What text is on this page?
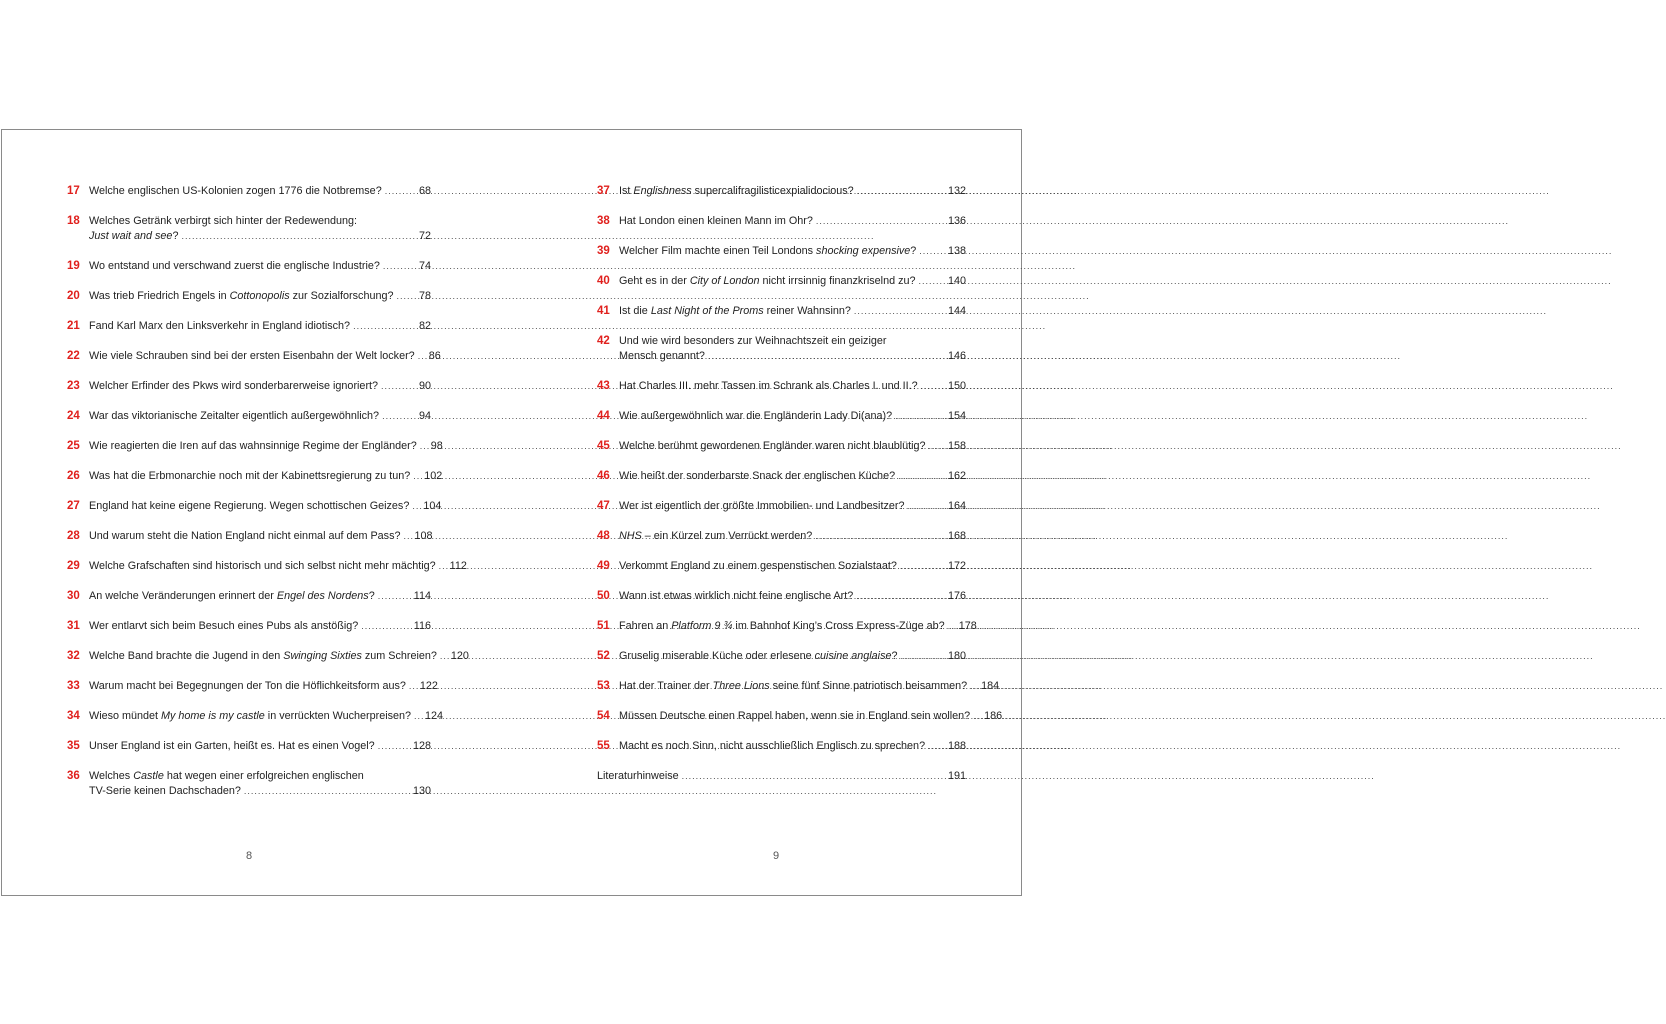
17 Welche englischen US-Kolonien zogen 1776 die Notbremse? .....	68
18 Welches Getränk verbirgt sich hinter der Redewendung:
Just wait and see? .....	72
19 Wo entstand und verschwand zuerst die englische Industrie? .....	74
20 Was trieb Friedrich Engels in Cottonopolis zur Sozialforschung? ..... 78
21 Fand Karl Marx den Linksverkehr in England idiotisch? .....	82
22 Wie viele Schrauben sind bei der ersten Eisenbahn der Welt locker? ..... 86
23 Welcher Erfinder des Pkws wird sonderbarerweise ignoriert? .....	90
24 War das viktorianische Zeitalter eigentlich außergewöhnlich? .....	94
25 Wie reagierten die Iren auf das wahnsinnige Regime der Engländer? ..... 98
26 Was hat die Erbmonarchie noch mit der Kabinettsregierung zu tun? ..... 102
27 England hat keine eigene Regierung. Wegen schottischen Geizes? ..... 104
28 Und warum steht die Nation England nicht einmal auf dem Pass? ..... 108
29 Welche Grafschaften sind historisch und sich selbst nicht mehr mächtig? ..... 112
30 An welche Veränderungen erinnert der Engel des Nordens? .....	114
31 Wer entlarvt sich beim Besuch eines Pubs als anstößig? .....	116
32 Welche Band brachte die Jugend in den Swinging Sixties zum Schreien? ..... 120
33 Warum macht bei Begegnungen der Ton die Höflichkeitsform aus? ..... 122
34 Wieso mündet My home is my castle in verrückten Wucherpreisen? ..... 124
35 Unser England ist ein Garten, heißt es. Hat es einen Vogel? .....	128
36 Welches Castle hat wegen einer erfolgreichen englischen
TV-Serie keinen Dachschaden? .....	130
8
37 Ist Englishness supercalifragilisticexpialidocious? .....	132
38 Hat London einen kleinen Mann im Ohr? .....	136
39 Welcher Film machte einen Teil Londons shocking expensive? .....	138
40 Geht es in der City of London nicht irrsinnig finanzkriselnd zu? .....	140
41 Ist die Last Night of the Proms reiner Wahnsinn? .....	144
42 Und wie wird besonders zur Weihnachtszeit ein geiziger
Mensch genannt? .....	146
43 Hat Charles III. mehr Tassen im Schrank als Charles I. und II.? .....	150
44 Wie außergewöhnlich war die Engländerin Lady Di(ana)? .....	154
45 Welche berühmt gewordenen Engländer waren nicht blaublütig? ..... 158
46 Wie heißt der sonderbarste Snack der englischen Küche? .....	162
47 Wer ist eigentlich der größte Immobilien- und Landbesitzer? .....	164
48 NHS – ein Kürzel zum Verrückt werden? .....	168
49 Verkommt England zu einem gespenstischen Sozialstaat? .....	172
50 Wann ist etwas wirklich nicht feine englische Art? .....	176
51 Fahren an Platform 9 ¾ im Bahnhof King’s Cross Express-Züge ab? ..... 178
52 Gruselig miserable Küche oder erlesene cuisine anglaise? .....	180
53 Hat der Trainer der Three Lions seine fünf Sinne patriotisch beisammen? ..... 184
54 Müssen Deutsche einen Rappel haben, wenn sie in England sein wollen? ..... 186
55 Macht es noch Sinn, nicht ausschließlich Englisch zu sprechen? ..... 188
Literaturhinweise .....	191
9
